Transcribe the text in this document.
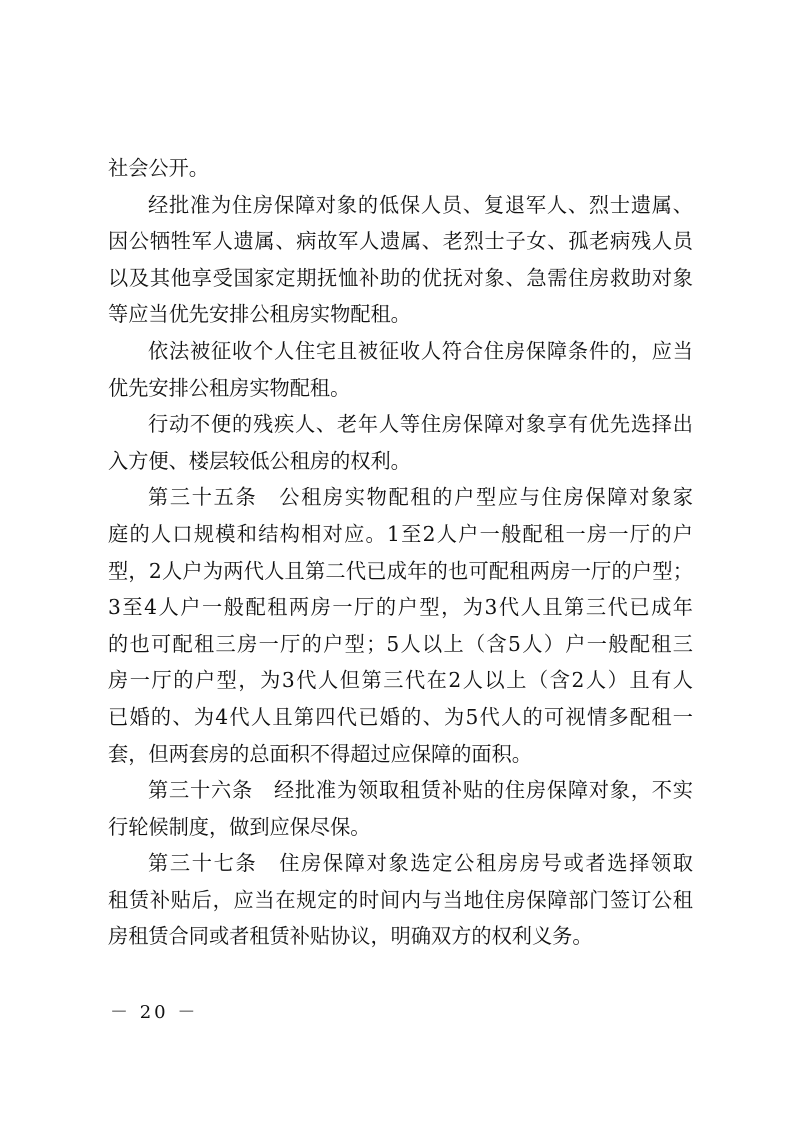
社会公开。
经批准为住房保障对象的低保人员、复退军人、烈士遗属、
因公牺牲军人遗属、病故军人遗属、老烈士子女、孤老病残人员
以及其他享受国家定期抚恤补助的优抚对象、急需住房救助对象
等应当优先安排公租房实物配租。
依法被征收个人住宅且被征收人符合住房保障条件的，应当
优先安排公租房实物配租。
行动不便的残疾人、老年人等住房保障对象享有优先选择出
入方便、楼层较低公租房的权利。
第三十五条　公租房实物配租的户型应与住房保障对象家
庭的人口规模和结构相对应。1至2人户一般配租一房一厅的户
型，2人户为两代人且第二代已成年的也可配租两房一厅的户型；
3至4人户一般配租两房一厅的户型，为3代人且第三代已成年
的也可配租三房一厅的户型；5人以上（含5人）户一般配租三
房一厅的户型，为3代人但第三代在2人以上（含2人）且有人
已婚的、为4代人且第四代已婚的、为5代人的可视情多配租一
套，但两套房的总面积不得超过应保障的面积。
第三十六条　经批准为领取租赁补贴的住房保障对象，不实
行轮候制度，做到应保尽保。
第三十七条　住房保障对象选定公租房房号或者选择领取
租赁补贴后，应当在规定的时间内与当地住房保障部门签订公租
房租赁合同或者租赁补贴协议，明确双方的权利义务。
－ 20 －
